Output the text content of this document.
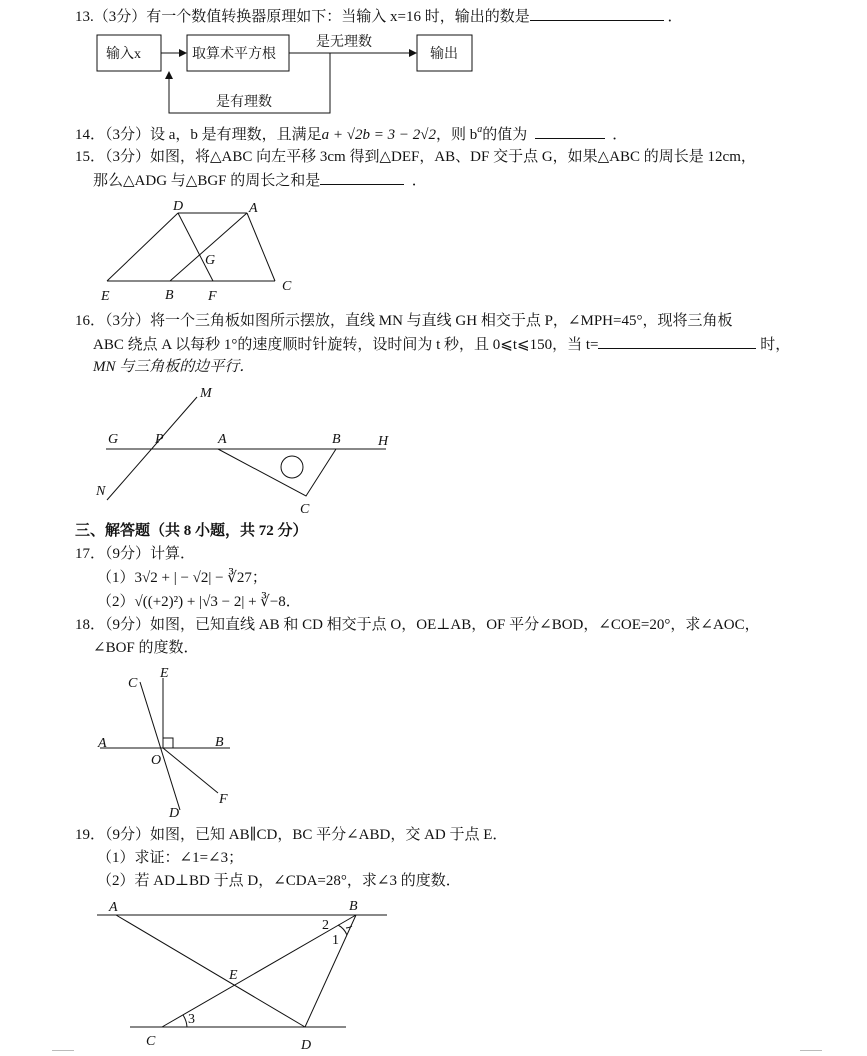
13.（3分）有一个数值转换器原理如下：当输入 x=16 时，输出的数是	．
输入x	取算术平方根
是无理数
输出
是有理数
14．（3分）设 a，b 是有理数，且满足a + √2b = 3 − 2√2，则 $b^a$的值为	．
15．（3分）如图，将△ABC 向左平移 3cm 得到△DEF，AB、DF 交于点 G，如果△ABC 的周长是 12cm，
那么△ADG 与△BGF 的周长之和是	．
D	A
G
E	B F
C
16．（3分）将一个三角板如图所示摆放，直线 MN 与直线 GH 相交于点 P，∠MPH=45°，现将三角板
ABC 绕点 A 以每秒 1°的速度顺时针旋转，设时间为 t 秒，且 0⩽t⩽150，当 t=	时，
MN 与三角板的边平行．
M
G	P	A	B	H
N
C
三、解答题（共 8 小题，共 72 分）
17．（9分）计算．
（1）3√2 + | − √2| − ∛27；
（2）√((+2)²) + |√3 − 2| + ∛−8．
18．（9分）如图，已知直线 AB 和 CD 相交于点 O，OE⊥AB，OF 平分∠BOD，∠COE=20°，求∠AOC，
∠BOF 的度数．
C
E
A	B
O
F
D
19．（9分）如图，已知 AB∥CD，BC 平分∠ABD，交 AD 于点 E．
（1）求证：∠1=∠3；
（2）若 AD⊥BD 于点 D，∠CDA=28°，求∠3 的度数．
A	B
2
1
E
C
3
D
